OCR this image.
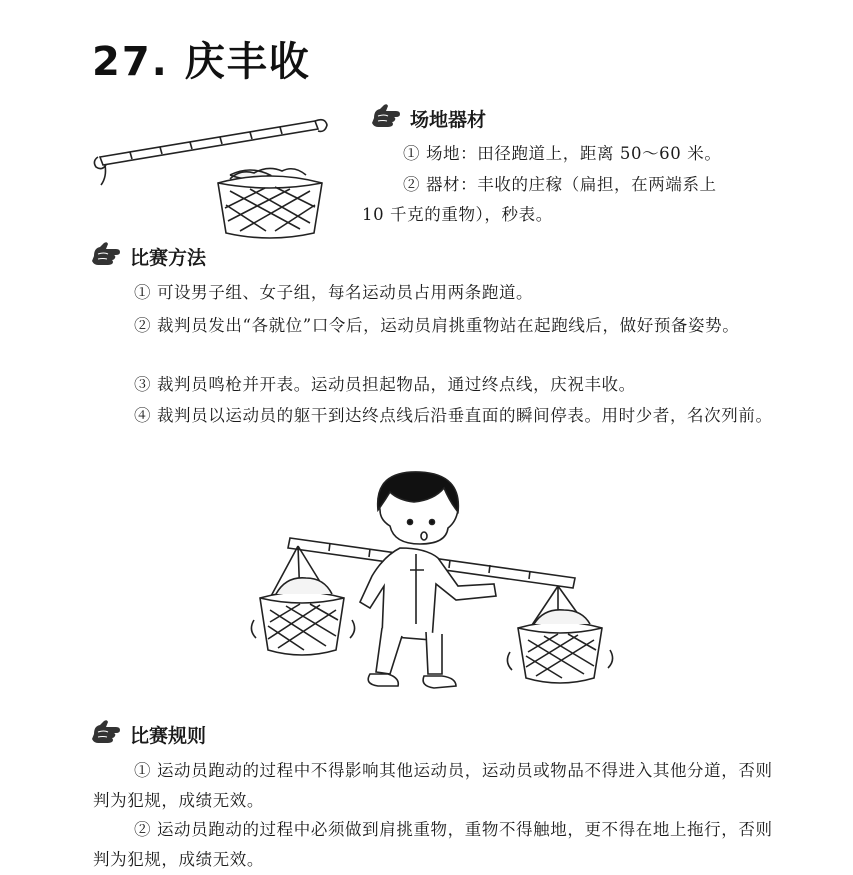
27. 庆丰收
场地器材
① 场地：田径跑道上，距离 50～60 米。
② 器材：丰收的庄稼（扁担，在两端系上
10 千克的重物），秒表。
比赛方法
① 可设男子组、女子组，每名运动员占用两条跑道。
② 裁判员发出“各就位”口令后，运动员肩挑重物站在起跑线后，做好预备姿势。
③ 裁判员鸣枪并开表。运动员担起物品，通过终点线，庆祝丰收。
④ 裁判员以运动员的躯干到达终点线后沿垂直面的瞬间停表。用时少者，名次列前。
比赛规则
① 运动员跑动的过程中不得影响其他运动员，运动员或物品不得进入其他分道，否则判为犯规，成绩无效。
② 运动员跑动的过程中必须做到肩挑重物，重物不得触地，更不得在地上拖行，否则判为犯规，成绩无效。
